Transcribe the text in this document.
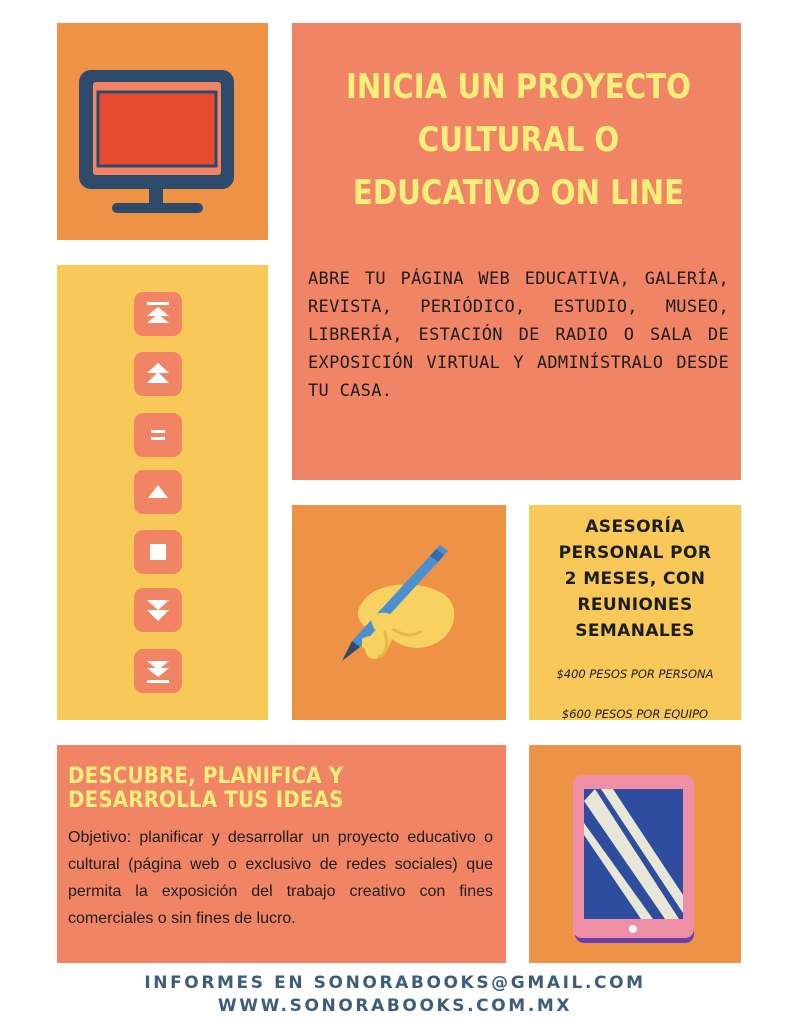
INICIA UN PROYECTO
CULTURAL O
EDUCATIVO ON LINE
ABRE TU PÁGINA WEB EDUCATIVA, GALERÍA, REVISTA, PERIÓDICO, ESTUDIO, MUSEO, LIBRERÍA, ESTACIÓN DE RADIO O SALA DE EXPOSICIÓN VIRTUAL Y ADMINÍSTRALO DESDE TU CASA.
ASESORÍA
PERSONAL POR
2 MESES, CON
REUNIONES
SEMANALES
$400 PESOS POR PERSONA
$600 PESOS POR EQUIPO
DESCUBRE, PLANIFICA Y
DESARROLLA TUS IDEAS
Objetivo: planificar y desarrollar un proyecto educativo o cultural (página web o exclusivo de redes sociales) que permita la exposición del trabajo creativo con fines comerciales o sin fines de lucro.
INFORMES EN SONORABOOKS@GMAIL.COM
WWW.SONORABOOKS.COM.MX
